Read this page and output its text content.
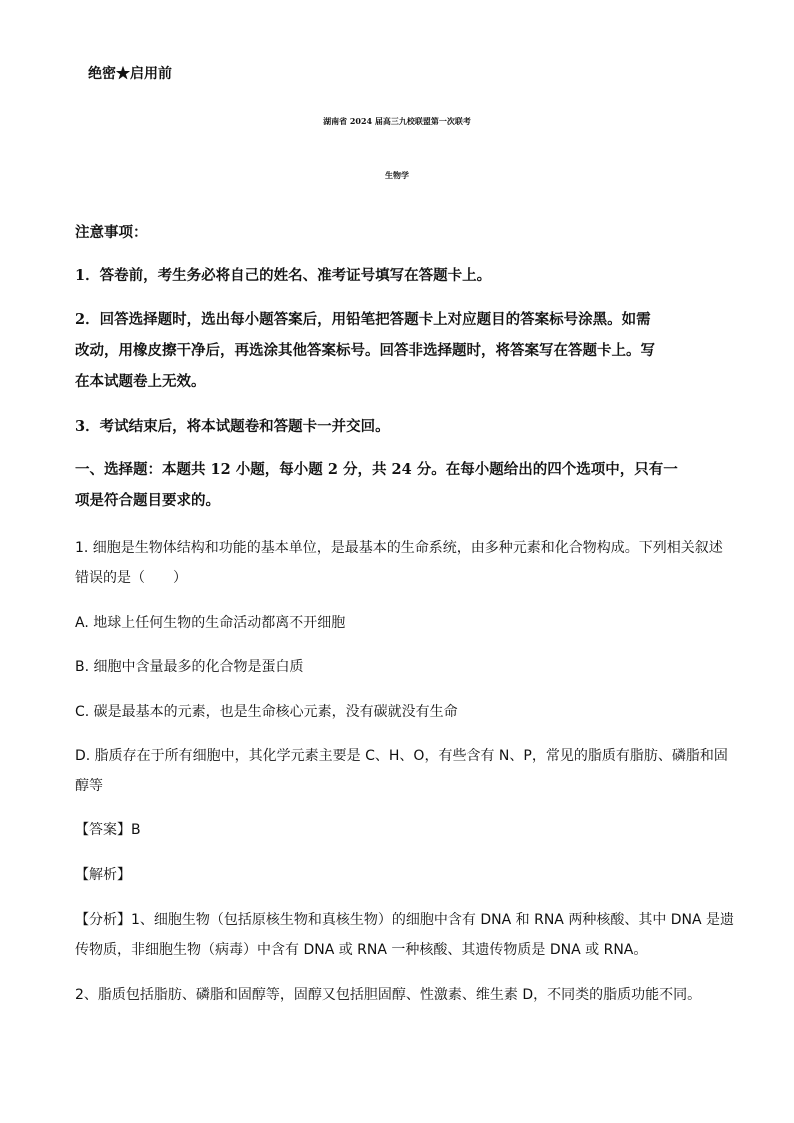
绝密★启用前
湖南省 2024 届高三九校联盟第一次联考
生物学
注意事项：
1．答卷前，考生务必将自己的姓名、准考证号填写在答题卡上。
2．回答选择题时，选出每小题答案后，用铅笔把答题卡上对应题目的答案标号涂黑。如需
改动，用橡皮擦干净后，再选涂其他答案标号。回答非选择题时，将答案写在答题卡上。写
在本试题卷上无效。
3．考试结束后，将本试题卷和答题卡一并交回。
一、选择题：本题共 12 小题，每小题 2 分，共 24 分。在每小题给出的四个选项中，只有一
项是符合题目要求的。
1. 细胞是生物体结构和功能的基本单位，是最基本的生命系统，由多种元素和化合物构成。下列相关叙述
错误的是（　　）
A. 地球上任何生物的生命活动都离不开细胞
B. 细胞中含量最多的化合物是蛋白质
C. 碳是最基本的元素，也是生命核心元素，没有碳就没有生命
D. 脂质存在于所有细胞中，其化学元素主要是 C、H、O，有些含有 N、P，常见的脂质有脂肪、磷脂和固
醇等
【答案】B
【解析】
【分析】1、细胞生物（包括原核生物和真核生物）的细胞中含有 DNA 和 RNA 两种核酸、其中 DNA 是遗
传物质，非细胞生物（病毒）中含有 DNA 或 RNA 一种核酸、其遗传物质是 DNA 或 RNA。
2、脂质包括脂肪、磷脂和固醇等，固醇又包括胆固醇、性激素、维生素 D，不同类的脂质功能不同。
